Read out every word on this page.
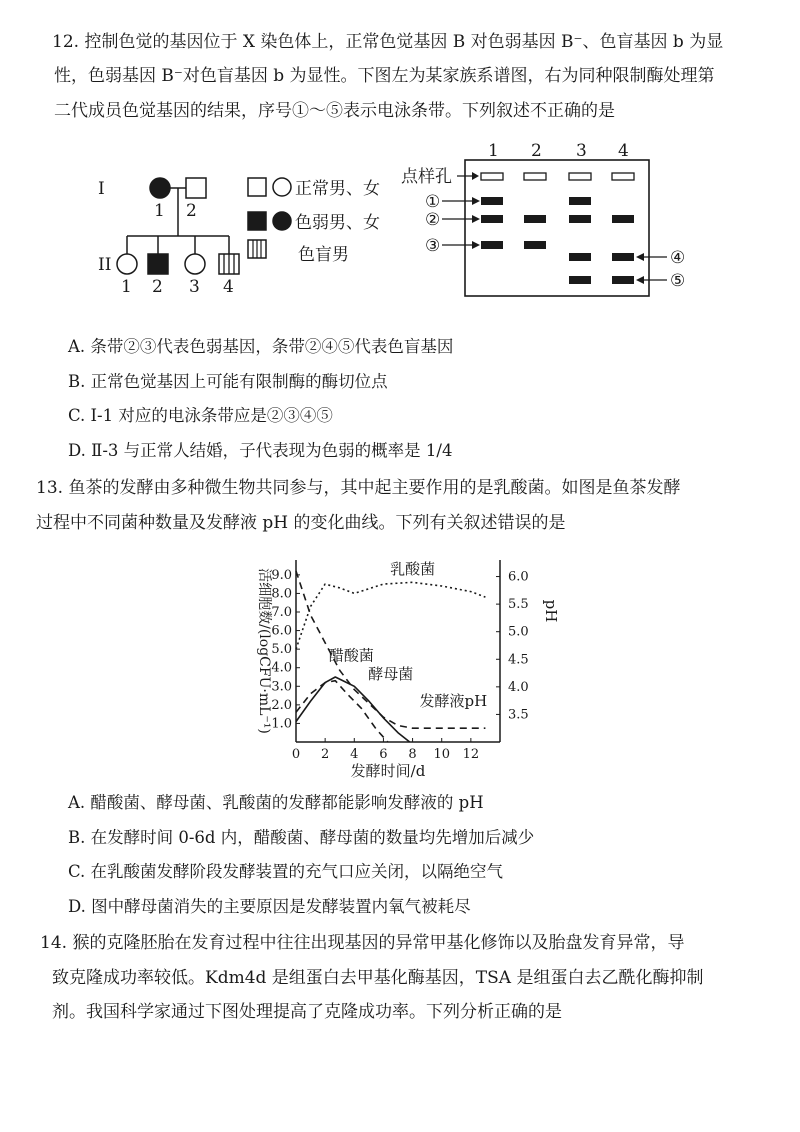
12. 控制色觉的基因位于 X 染色体上，正常色觉基因 B 对色弱基因 B⁻、色盲基因 b 为显
性，色弱基因 B⁻对色盲基因 b 为显性。下图左为某家族系谱图，右为同种限制酶处理第
二代成员色觉基因的结果，序号①～⑤表示电泳条带。下列叙述不正确的是
I
II
1 2
1 2 3 4
正常男、女
色弱男、女
色盲男
1 2 3 4
点样孔
①
②
③
④
⑤
A. 条带②③代表色弱基因，条带②④⑤代表色盲基因
B. 正常色觉基因上可能有限制酶的酶切位点
C. Ⅰ-1 对应的电泳条带应是②③④⑤
D. Ⅱ-3 与正常人结婚，子代表现为色弱的概率是 1/4
13. 鱼茶的发酵由多种微生物共同参与，其中起主要作用的是乳酸菌。如图是鱼茶发酵
过程中不同菌种数量及发酵液 pH 的变化曲线。下列有关叙述错误的是
0 2 4 6 8 10 12
1.0
2.0
3.0
4.0
5.0
6.0
7.0
8.0
9.0
3.5
4.0
4.5
5.0
5.5
6.0
发酵时间/d
活细胞数/(logCFU·mL⁻¹)	pH
乳酸菌
醋酸菌
酵母菌
发酵液pH
A. 醋酸菌、酵母菌、乳酸菌的发酵都能影响发酵液的 pH
B. 在发酵时间 0-6d 内，醋酸菌、酵母菌的数量均先增加后减少
C. 在乳酸菌发酵阶段发酵装置的充气口应关闭，以隔绝空气
D. 图中酵母菌消失的主要原因是发酵装置内氧气被耗尽
14. 猴的克隆胚胎在发育过程中往往出现基因的异常甲基化修饰以及胎盘发育异常，导
致克隆成功率较低。Kdm4d 是组蛋白去甲基化酶基因，TSA 是组蛋白去乙酰化酶抑制
剂。我国科学家通过下图处理提高了克隆成功率。下列分析正确的是
